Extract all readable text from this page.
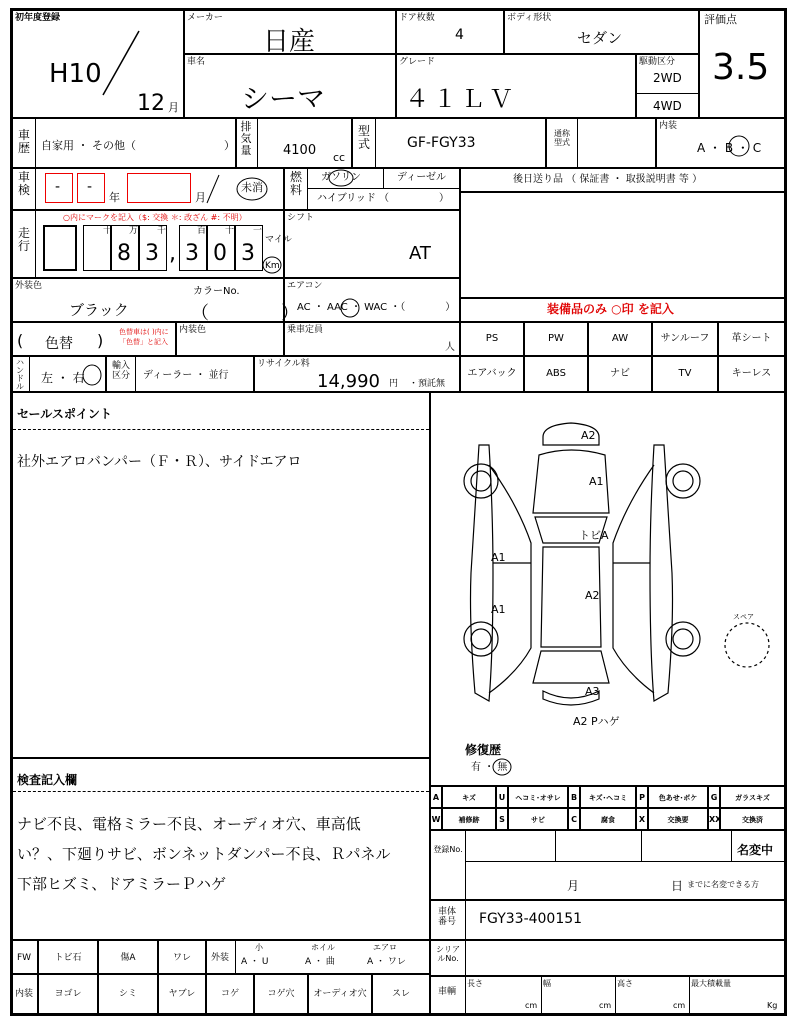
初年度登録
H10
12 月
メーカー
日産
ドア枚数
4
ボディ形状
セダン
評価点
3.5
車名
シーマ
グレード
４１ＬＶ
駆動区分
2WD
4WD
車歴 自家用 ・ その他（　　　　　　　　）
排気量 4100 cc
型式	GF-FGY33
通称型式
内装
A ・ B ・ C
車検 - -
年	月
未消
燃料
ガソリン	ディーゼル
ハイブリッド （　　　　　）
後日送り品 （ 保証書 ・ 取扱説明書 等 ）
走行
○内にマークを記入（$: 交換 ＊: 改ざん #: 不明）
十 万 千	百 十 一
8 3 , 3 0 3
マイル
Km
シフト
AT
外装色
ブラック
カラーNo.
（　　　　）
エアコン
AC ・ AAC ・ WAC ・（　　　　）	装備品のみ ○印 を記入
( 色替 ) 色替車は( )内に「色替」と記入
内装色	乗車定員
人
ハンドル
左 ・ 右
輸入区分	ディーラー ・ 並行
リサイクル料
14,990 円 ・預託無
セールスポイント
社外エアロバンパー（Ｆ・Ｒ）、サイドエアロ
A2
A1
トビA
A2
A3
A2 Pハゲ
A1
A1
スペア
修復歴
有 ・ 無
検査記入欄
ナビ不良、電格ミラー不良、オーディオ穴、車高低
い？、下廻りサビ、ボンネットダンパー不良、Ｒパネル
下部ヒズミ、ドアミラーＰハゲ
登録No.	名変中
月	日 までに名変できる方
車体番号 FGY33-400151
シリアルNo.
車輌
長さ	幅	高さ	最大積載量
cm	cm	cm	Kg
PS	PW	AW	サンルーフ	革シート
エアバック	ABS	ナビ	TV	キーレス
A	キズ	U	ヘコミ･オサレ	B	キズ･ヘコミ	P	色あせ･ボケ	G	ガラスキズ
W	補修跡	S	サビ	C	腐食	X	交換要	XX	交換済
FW	トビ石	傷A	ワレ	外装
小
A ・ U
ホイル
A ・ 曲
エアロ
A ・ ワレ
内装	ヨゴレ	シミ	ヤブレ	コゲ	コゲ穴	オーディオ穴	スレ
